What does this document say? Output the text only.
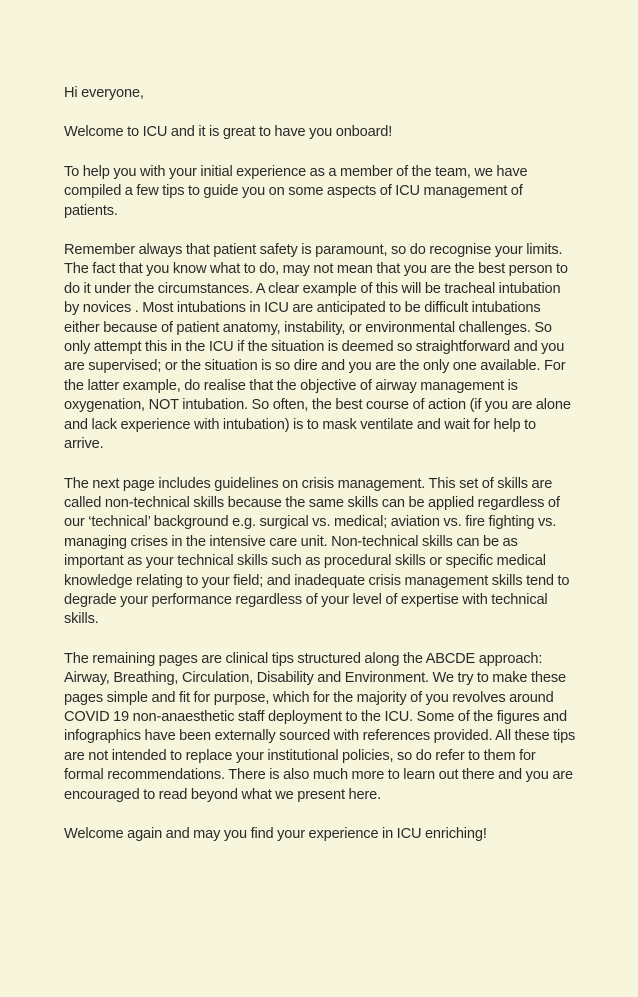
Hi everyone,

Welcome to ICU and it is great to have you onboard!

To help you with your initial experience as a member of the team, we have compiled a few tips to guide you on some aspects of ICU management of patients.

Remember always that patient safety is paramount, so do recognise your limits. The fact that you know what to do, may not mean that you are the best person to do it under the circumstances. A clear example of this will be tracheal intubation by novices . Most intubations in ICU are anticipated to be difficult intubations either because of patient anatomy, instability, or environmental challenges. So only attempt this in the ICU if the situation is deemed so straightforward and you are supervised; or the situation is so dire and you are the only one available. For the latter example, do realise that the objective of airway management is oxygenation, NOT intubation. So often, the best course of action (if you are alone and lack experience with intubation) is to mask ventilate and wait for help to arrive.

The next page includes guidelines on crisis management. This set of skills are called non-technical skills because the same skills can be applied regardless of our ‘technical’ background e.g. surgical vs. medical; aviation vs. fire fighting vs. managing crises in the intensive care unit. Non-technical skills can be as important as your technical skills such as procedural skills or specific medical knowledge relating to your field; and inadequate crisis management skills tend to degrade your performance regardless of your level of expertise with technical skills.

The remaining pages are clinical tips structured along the ABCDE approach: Airway, Breathing, Circulation, Disability and Environment. We try to make these pages simple and fit for purpose, which for the majority of you revolves around COVID 19 non-anaesthetic staff deployment to the ICU. Some of the figures and infographics have been externally sourced with references provided. All these tips are not intended to replace your institutional policies, so do refer to them for formal recommendations. There is also much more to learn out there and you are encouraged to read beyond what we present here.

Welcome again and may you find your experience in ICU enriching!
